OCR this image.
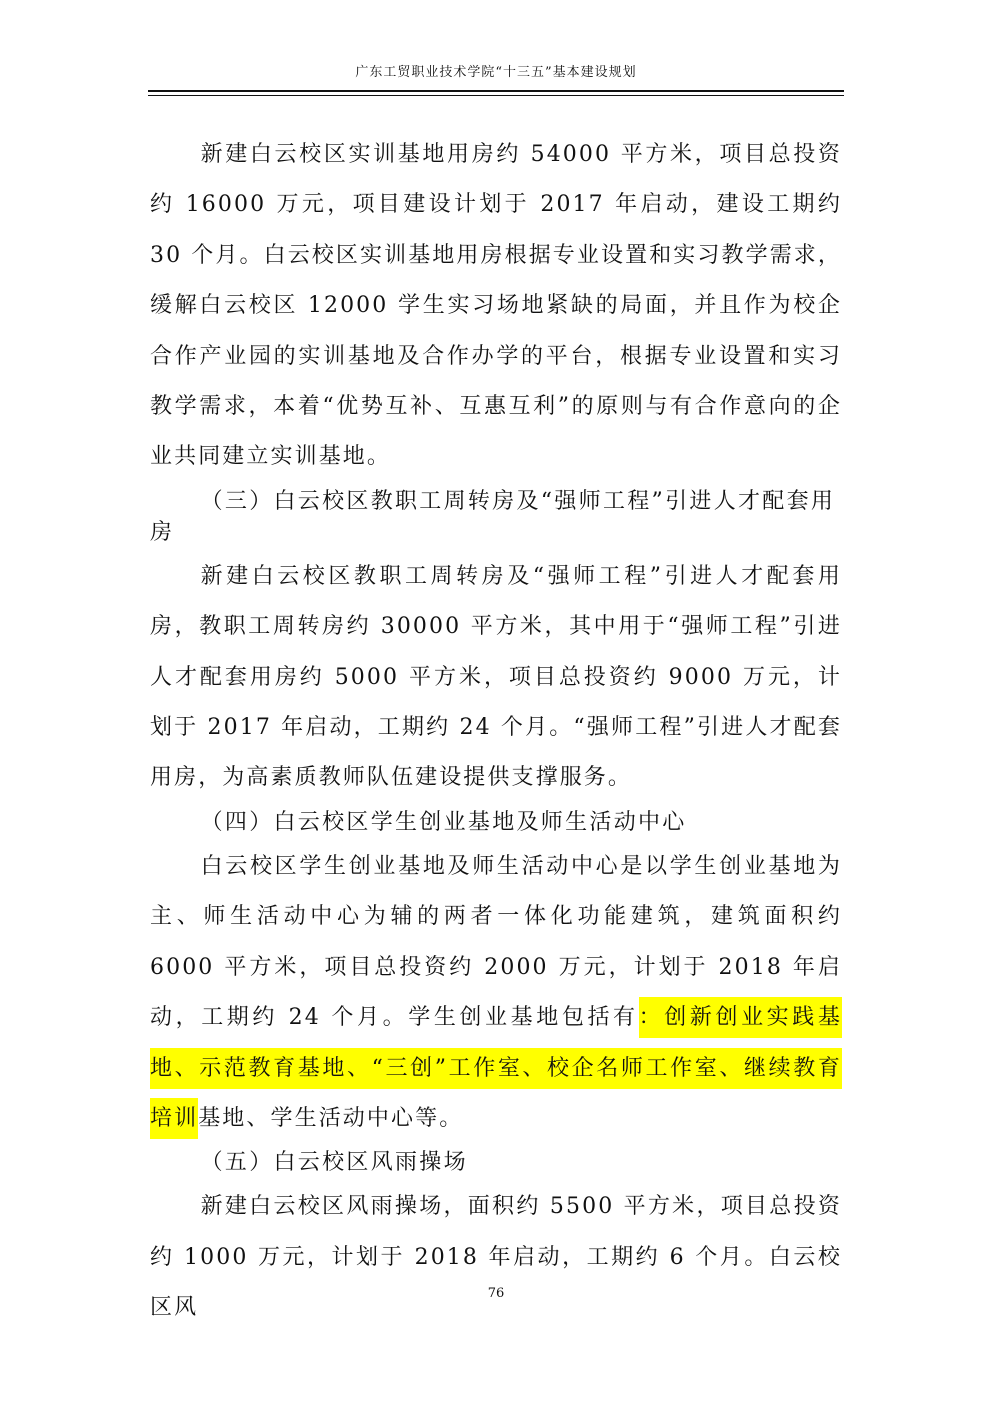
广东工贸职业技术学院“十三五”基本建设规划

新建白云校区实训基地用房约 54000 平方米，项目总投资约 16000 万元，项目建设计划于 2017 年启动，建设工期约 30 个月。白云校区实训基地用房根据专业设置和实习教学需求，缓解白云校区 12000 学生实习场地紧缺的局面，并且作为校企合作产业园的实训基地及合作办学的平台，根据专业设置和实习教学需求，本着“优势互补、互惠互利”的原则与有合作意向的企业共同建立实训基地。

（三）白云校区教职工周转房及“强师工程”引进人才配套用房

新建白云校区教职工周转房及“强师工程”引进人才配套用房，教职工周转房约 30000 平方米，其中用于“强师工程”引进人才配套用房约 5000 平方米，项目总投资约 9000 万元，计划于 2017 年启动，工期约 24 个月。“强师工程”引进人才配套用房，为高素质教师队伍建设提供支撑服务。

（四）白云校区学生创业基地及师生活动中心

白云校区学生创业基地及师生活动中心是以学生创业基地为主、师生活动中心为辅的两者一体化功能建筑，建筑面积约 6000 平方米，项目总投资约 2000 万元，计划于 2018 年启动，工期约 24 个月。学生创业基地包括有：创新创业实践基地、示范教育基地、“三创”工作室、校企名师工作室、继续教育培训基地、学生活动中心等。

（五）白云校区风雨操场

新建白云校区风雨操场，面积约 5500 平方米，项目总投资约 1000 万元，计划于 2018 年启动，工期约 6 个月。白云校区风

76
